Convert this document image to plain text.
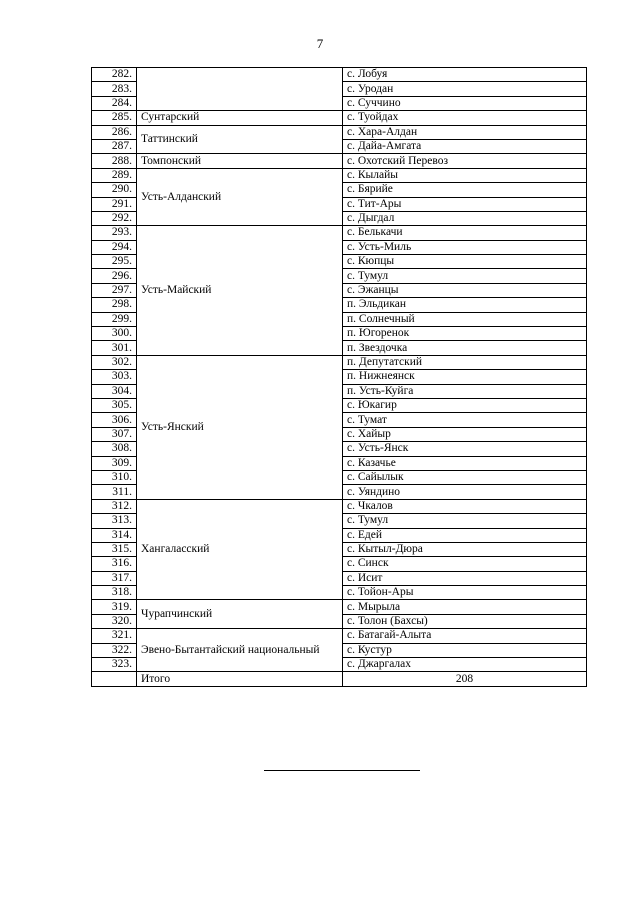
7
282.		с. Лобуя
283.		с. Уродан
284.		с. Суччино
285.	Сунтарский	с. Туойдах
286.	Таттинский	с. Хара-Алдан
287.		с. Дайа-Амгата
288.	Томпонский	с. Охотский Перевоз
289.	Усть-Алданский	с. Кылайы
290.		с. Бярийе
291.		с. Тит-Ары
292.		с. Дыгдал
293.	Усть-Майский	с. Белькачи
294.		с. Усть-Миль
295.		с. Кюпцы
296.		с. Тумул
297.		с. Эжанцы
298.		п. Эльдикан
299.		п. Солнечный
300.		п. Югоренок
301.		п. Звездочка
302.	Усть-Янский	п. Депутатский
303.		п. Нижнеянск
304.		п. Усть-Куйга
305.		с. Юкагир
306.		с. Тумат
307.		с. Хайыр
308.		с. Усть-Янск
309.		с. Казачье
310.		с. Сайылык
311.		с. Уяндино
312.	Хангаласский	с. Чкалов
313.		с. Тумул
314.		с. Едей
315.		с. Кытыл-Дюра
316.		с. Синск
317.		с. Исит
318.		с. Тойон-Ары
319.	Чурапчинский	с. Мырыла
320.		с. Толон (Бахсы)
321.	Эвено-Бытантайский национальный	с. Батагай-Алыта
322.		с. Кустур
323.		с. Джаргалах
	Итого	208
